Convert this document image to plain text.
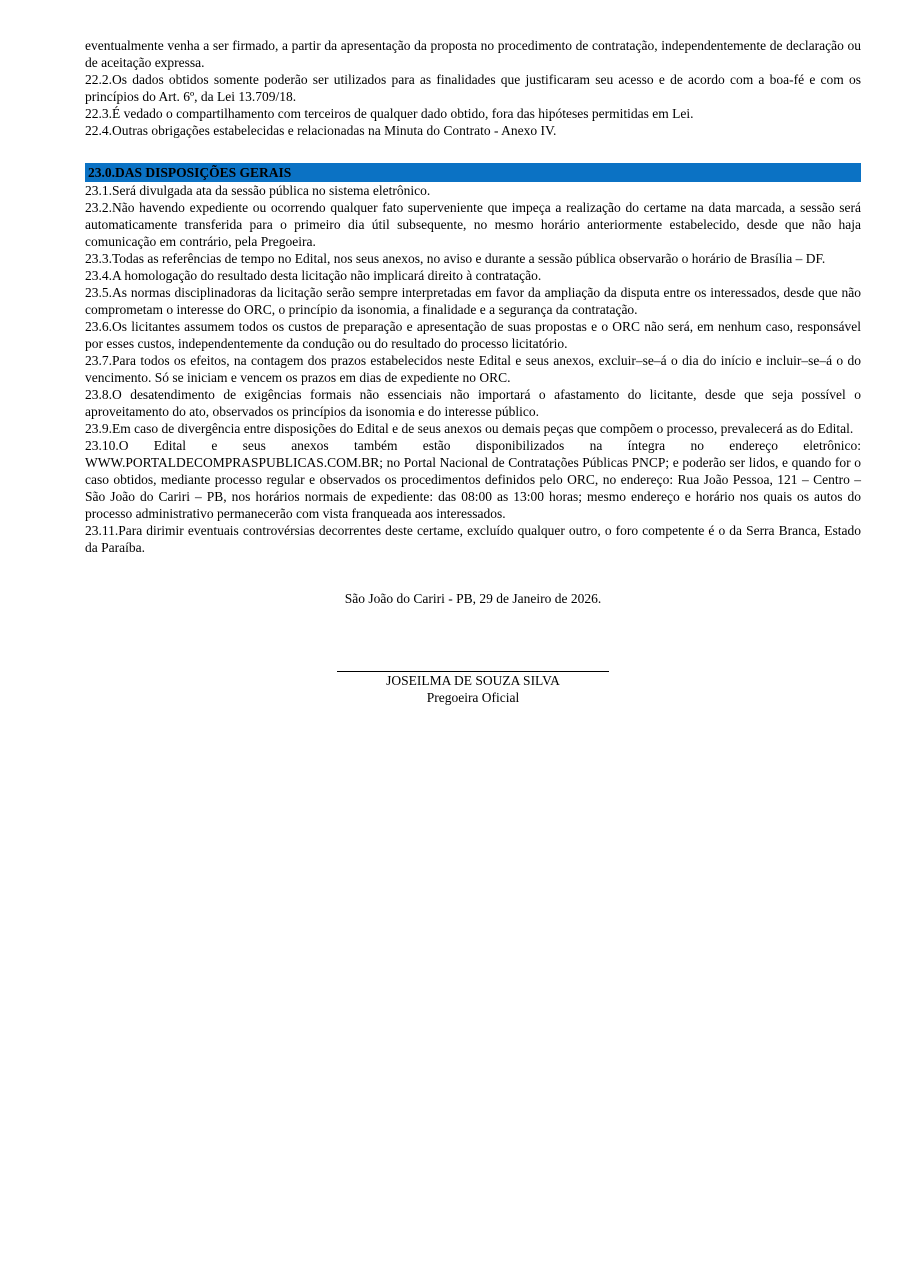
eventualmente venha a ser firmado, a partir da apresentação da proposta no procedimento de contratação, independentemente de declaração ou de aceitação expressa.

22.2.Os dados obtidos somente poderão ser utilizados para as finalidades que justificaram seu acesso e de acordo com a boa-fé e com os princípios do Art. 6º, da Lei 13.709/18.

22.3.É vedado o compartilhamento com terceiros de qualquer dado obtido, fora das hipóteses permitidas em Lei.

22.4.Outras obrigações estabelecidas e relacionadas na Minuta do Contrato - Anexo IV.

23.0.DAS DISPOSIÇÕES GERAIS

23.1.Será divulgada ata da sessão pública no sistema eletrônico.

23.2.Não havendo expediente ou ocorrendo qualquer fato superveniente que impeça a realização do certame na data marcada, a sessão será automaticamente transferida para o primeiro dia útil subsequente, no mesmo horário anteriormente estabelecido, desde que não haja comunicação em contrário, pela Pregoeira.

23.3.Todas as referências de tempo no Edital, nos seus anexos, no aviso e durante a sessão pública observarão o horário de Brasília – DF.

23.4.A homologação do resultado desta licitação não implicará direito à contratação.

23.5.As normas disciplinadoras da licitação serão sempre interpretadas em favor da ampliação da disputa entre os interessados, desde que não comprometam o interesse do ORC, o princípio da isonomia, a finalidade e a segurança da contratação.

23.6.Os licitantes assumem todos os custos de preparação e apresentação de suas propostas e o ORC não será, em nenhum caso, responsável por esses custos, independentemente da condução ou do resultado do processo licitatório.

23.7.Para todos os efeitos, na contagem dos prazos estabelecidos neste Edital e seus anexos, excluir–se–á o dia do início e incluir–se–á o do vencimento. Só se iniciam e vencem os prazos em dias de expediente no ORC.

23.8.O desatendimento de exigências formais não essenciais não importará o afastamento do licitante, desde que seja possível o aproveitamento do ato, observados os princípios da isonomia e do interesse público.

23.9.Em caso de divergência entre disposições do Edital e de seus anexos ou demais peças que compõem o processo, prevalecerá as do Edital.

23.10.O Edital e seus anexos também estão disponibilizados na íntegra no endereço eletrônico: WWW.PORTALDECOMPRASPUBLICAS.COM.BR; no Portal Nacional de Contratações Públicas PNCP; e poderão ser lidos, e quando for o caso obtidos, mediante processo regular e observados os procedimentos definidos pelo ORC, no endereço: Rua João Pessoa, 121 – Centro – São João do Cariri – PB, nos horários normais de expediente: das 08:00 as 13:00 horas; mesmo endereço e horário nos quais os autos do processo administrativo permanecerão com vista franqueada aos interessados.

23.11.Para dirimir eventuais controvérsias decorrentes deste certame, excluído qualquer outro, o foro competente é o da Serra Branca, Estado da Paraíba.

São João do Cariri - PB, 29 de Janeiro de 2026.

JOSEILMA DE SOUZA SILVA
Pregoeira Oficial
